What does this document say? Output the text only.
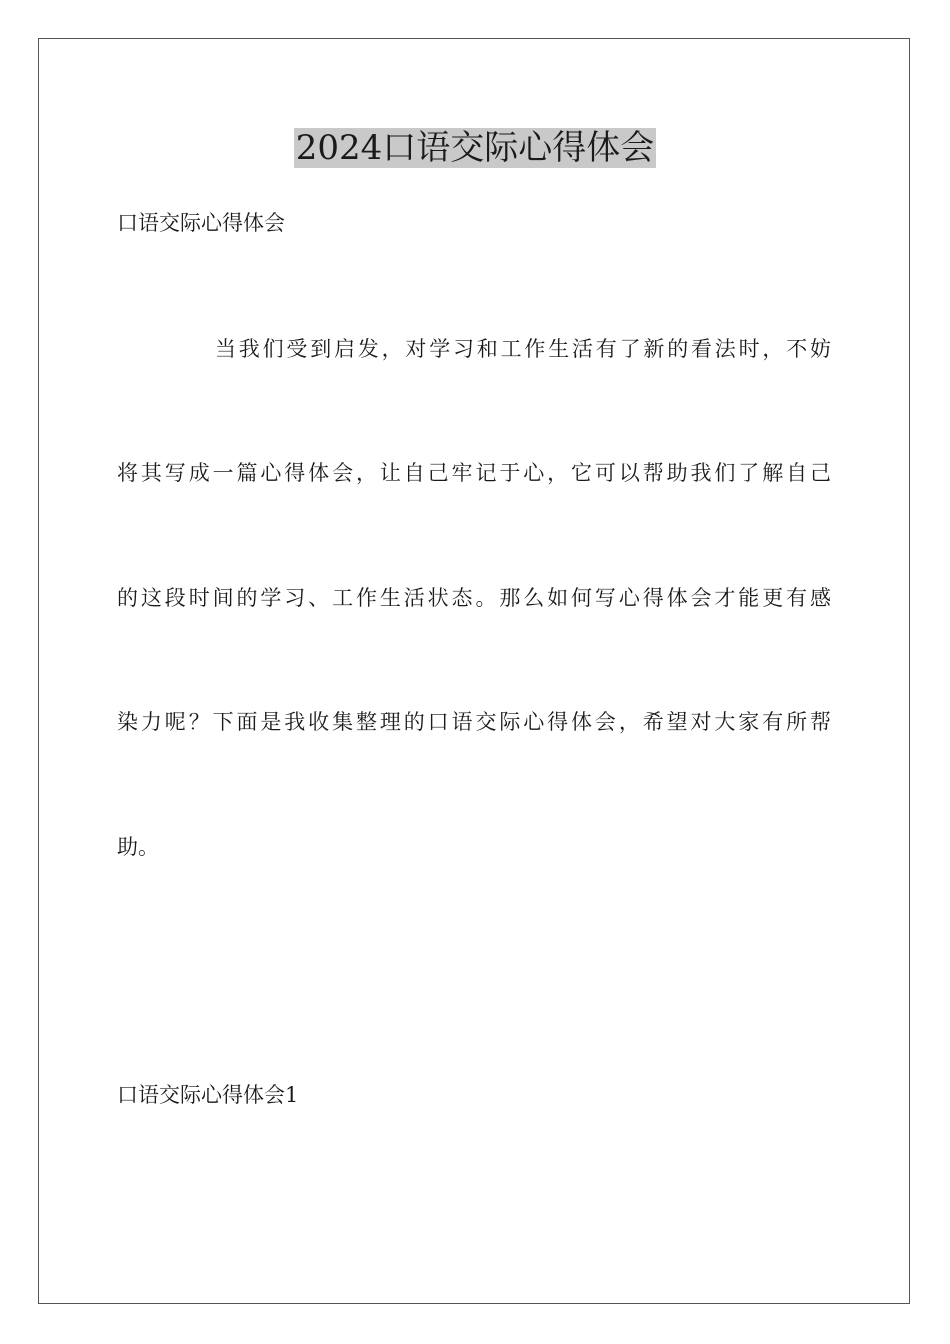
2024口语交际心得体会

口语交际心得体会

当我们受到启发，对学习和工作生活有了新的看法时，不妨

将其写成一篇心得体会，让自己牢记于心，它可以帮助我们了解自己

的这段时间的学习、工作生活状态。那么如何写心得体会才能更有感

染力呢？下面是我收集整理的口语交际心得体会，希望对大家有所帮

助。

口语交际心得体会1
